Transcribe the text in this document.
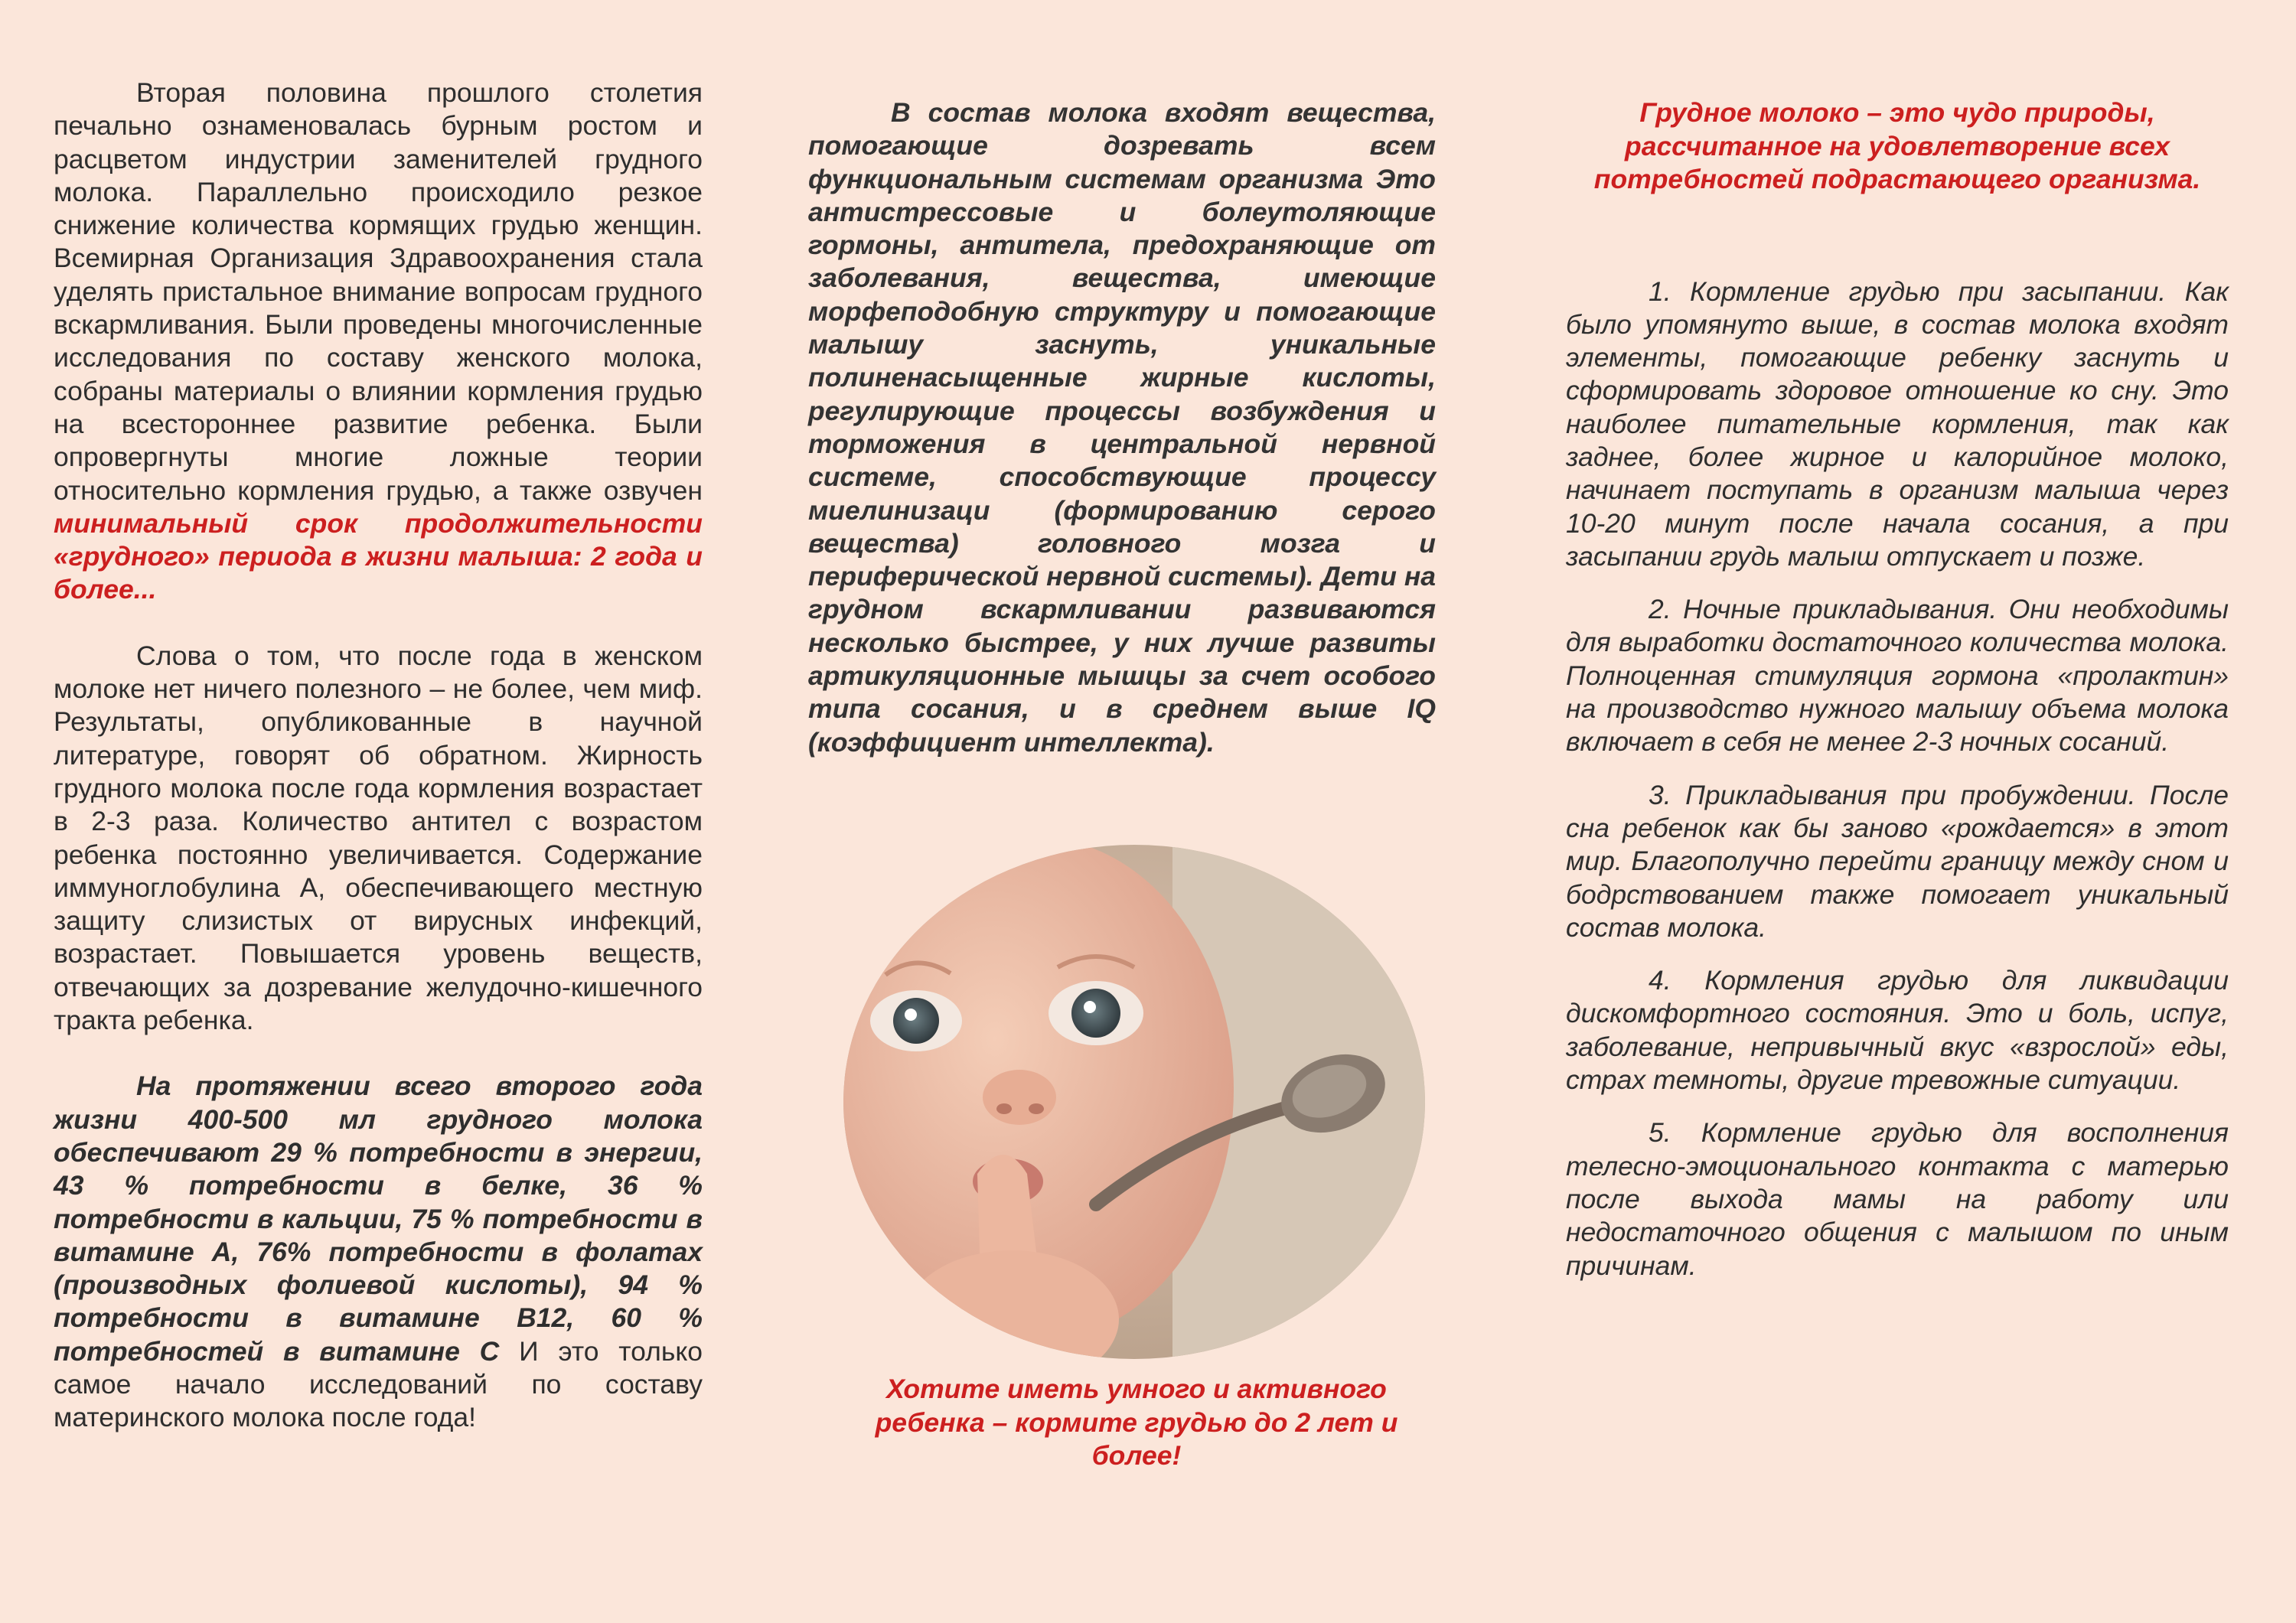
Вторая половина прошлого столетия печально ознаменовалась бурным ростом и расцветом индустрии заменителей грудного молока. Параллельно происходило резкое снижение количества кормящих грудью женщин. Всемирная Организация Здравоохранения стала уделять пристальное внимание вопросам грудного вскармливания. Были проведены многочисленные исследования по составу женского молока, собраны материалы о влиянии кормления грудью на всестороннее развитие ребенка. Были опровергнуты многие ложные теории относительно кормления грудью, а также озвучен минимальный срок продолжительности «грудного» периода в жизни малыша: 2 года и более...

Слова о том, что после года в женском молоке нет ничего полезного – не более, чем миф. Результаты, опубликованные в научной литературе, говорят об обратном. Жирность грудного молока после года кормления возрастает в 2-3 раза. Количество антител с возрастом ребенка постоянно увеличивается. Содержание иммуноглобулина А, обеспечивающего местную защиту слизистых от вирусных инфекций, возрастает. Повышается уровень веществ, отвечающих за дозревание желудочно-кишечного тракта ребенка.

На протяжении всего второго года жизни 400-500 мл грудного молока обеспечивают 29 % потребности в энергии, 43 % потребности в белке, 36 % потребности в кальции, 75 % потребности в витамине А, 76% потребности в фолатах (производных фолиевой кислоты), 94 % потребности в витамине В12, 60 % потребностей в витамине С И это только самое начало исследований по составу материнского молока после года!

В состав молока входят вещества, помогающие дозревать всем функциональным системам организма Это антистрессовые и болеутоляющие гормоны, антитела, предохраняющие от заболевания, вещества, имеющие морфеподобную структуру и помогающие малышу заснуть, уникальные полиненасыщенные жирные кислоты, регулирующие процессы возбуждения и торможения в центральной нервной системе, способствующие процессу миелинизаци (формированию серого вещества) головного мозга и периферической нервной системы). Дети на грудном вскармливании развиваются несколько быстрее, у них лучше развиты артикуляционные мышцы за счет особого типа сосания, и в среднем выше IQ (коэффициент интеллекта).

Хотите иметь умного и активного ребенка – кормите грудью до 2 лет и более!

Грудное молоко – это чудо природы, рассчитанное на удовлетворение всех потребностей подрастающего организма.

1. Кормление грудью при засыпании. Как было упомянуто выше, в состав молока входят элементы, помогающие ребенку заснуть и сформировать здоровое отношение ко сну. Это наиболее питательные кормления, так как заднее, более жирное и калорийное молоко, начинает поступать в организм малыша через 10-20 минут после начала сосания, а при засыпании грудь малыш отпускает и позже.

2. Ночные прикладывания. Они необходимы для выработки достаточного количества молока. Полноценная стимуляция гормона «пролактин» на производство нужного малышу объема молока включает в себя не менее 2-3 ночных сосаний.

3. Прикладывания при пробуждении. После сна ребенок как бы заново «рождается» в этот мир. Благополучно перейти границу между сном и бодрствованием также помогает уникальный состав молока.

4. Кормления грудью для ликвидации дискомфортного состояния. Это и боль, испуг, заболевание, непривычный вкус «взрослой» еды, страх темноты, другие тревожные ситуации.

5. Кормление грудью для восполнения телесно-эмоционального контакта с матерью после выхода мамы на работу или недостаточного общения с малышом по иным причинам.
